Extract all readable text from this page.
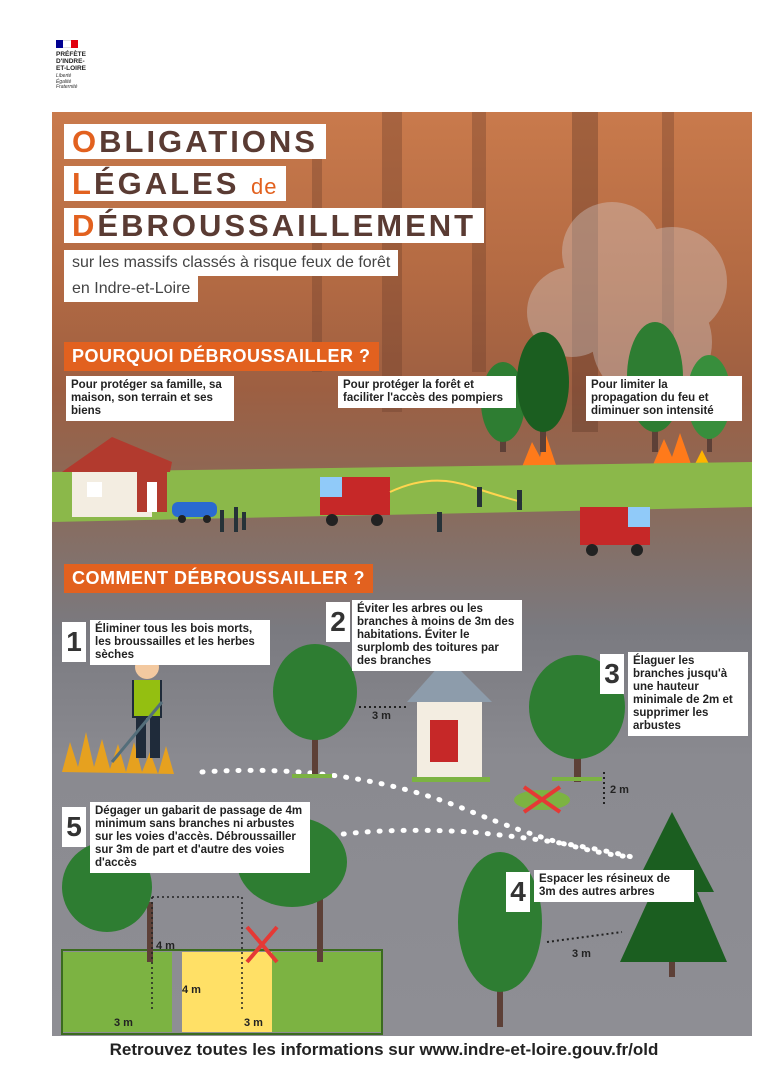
PRÉFÈTE
D'INDRE-
ET-LOIRE
Liberté
Égalité
Fraternité
OBLIGATIONS
LÉGALES de
DÉBROUSSAILLEMENT
sur les massifs classés à risque feux de forêt
en Indre-et-Loire
POURQUOI DÉBROUSSAILLER ?
Pour protéger sa famille, sa maison, son terrain et ses biens
Pour protéger la forêt et faciliter l'accès des pompiers
Pour limiter la propagation du feu et diminuer son intensité
COMMENT DÉBROUSSAILLER ?
1	Éliminer tous les bois morts, les broussailles et les herbes sèches
2 Éviter les arbres ou les branches à moins de 3m des habitations. Éviter le surplomb des toitures par des branches	3	Élaguer les branches jusqu'à une hauteur minimale de 2m et supprimer les arbustes
4	Espacer les résineux de 3m des autres arbres
5	Dégager un gabarit de passage de 4m minimum sans branches ni arbustes sur les voies d'accès. Débroussailler sur 3m de part et d'autre des voies d'accès
3 m
2 m
3 m
4 m
4 m
3 m	3 m
Retrouvez toutes les informations sur www.indre-et-loire.gouv.fr/old
